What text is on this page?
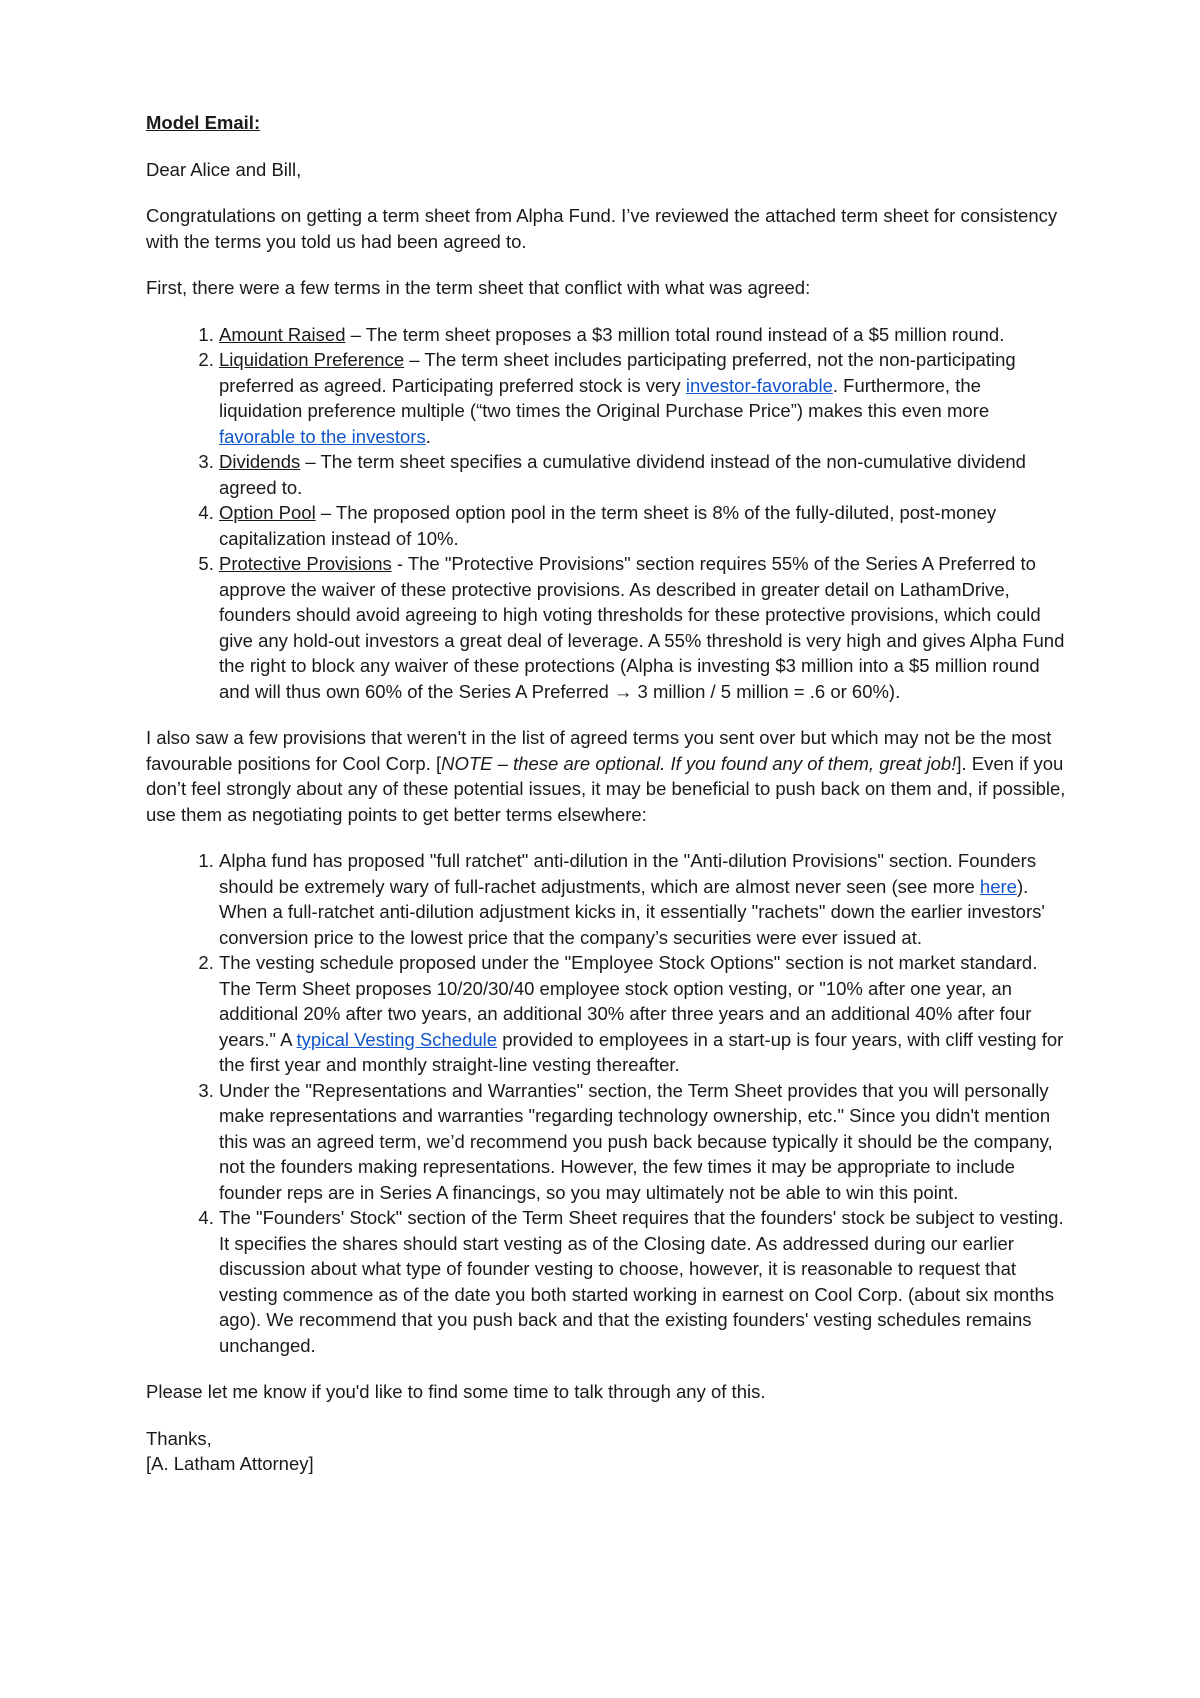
Model Email:

Dear Alice and Bill,

Congratulations on getting a term sheet from Alpha Fund. I’ve reviewed the attached term sheet for consistency with the terms you told us had been agreed to.

First, there were a few terms in the term sheet that conflict with what was agreed:

1. Amount Raised – The term sheet proposes a $3 million total round instead of a $5 million round.
2. Liquidation Preference – The term sheet includes participating preferred, not the non-participating preferred as agreed. Participating preferred stock is very investor-favorable. Furthermore, the liquidation preference multiple (“two times the Original Purchase Price”) makes this even more favorable to the investors.
3. Dividends – The term sheet specifies a cumulative dividend instead of the non-cumulative dividend agreed to.
4. Option Pool – The proposed option pool in the term sheet is 8% of the fully-diluted, post-money capitalization instead of 10%.
5. Protective Provisions - The "Protective Provisions" section requires 55% of the Series A Preferred to approve the waiver of these protective provisions. As described in greater detail on LathamDrive, founders should avoid agreeing to high voting thresholds for these protective provisions, which could give any hold-out investors a great deal of leverage. A 55% threshold is very high and gives Alpha Fund the right to block any waiver of these protections (Alpha is investing $3 million into a $5 million round and will thus own 60% of the Series A Preferred → 3 million / 5 million = .6 or 60%).

I also saw a few provisions that weren't in the list of agreed terms you sent over but which may not be the most favourable positions for Cool Corp. [NOTE – these are optional. If you found any of them, great job!]. Even if you don’t feel strongly about any of these potential issues, it may be beneficial to push back on them and, if possible, use them as negotiating points to get better terms elsewhere:

1. Alpha fund has proposed "full ratchet" anti-dilution in the "Anti-dilution Provisions" section. Founders should be extremely wary of full-rachet adjustments, which are almost never seen (see more here). When a full-ratchet anti-dilution adjustment kicks in, it essentially "rachets" down the earlier investors' conversion price to the lowest price that the company’s securities were ever issued at.
2. The vesting schedule proposed under the "Employee Stock Options" section is not market standard. The Term Sheet proposes 10/20/30/40 employee stock option vesting, or "10% after one year, an additional 20% after two years, an additional 30% after three years and an additional 40% after four years." A typical Vesting Schedule provided to employees in a start-up is four years, with cliff vesting for the first year and monthly straight-line vesting thereafter.
3. Under the "Representations and Warranties" section, the Term Sheet provides that you will personally make representations and warranties "regarding technology ownership, etc." Since you didn't mention this was an agreed term, we’d recommend you push back because typically it should be the company, not the founders making representations. However, the few times it may be appropriate to include founder reps are in Series A financings, so you may ultimately not be able to win this point.
4. The "Founders' Stock" section of the Term Sheet requires that the founders' stock be subject to vesting. It specifies the shares should start vesting as of the Closing date. As addressed during our earlier discussion about what type of founder vesting to choose, however, it is reasonable to request that vesting commence as of the date you both started working in earnest on Cool Corp. (about six months ago). We recommend that you push back and that the existing founders' vesting schedules remains unchanged.

Please let me know if you'd like to find some time to talk through any of this.

Thanks,
[A. Latham Attorney]
